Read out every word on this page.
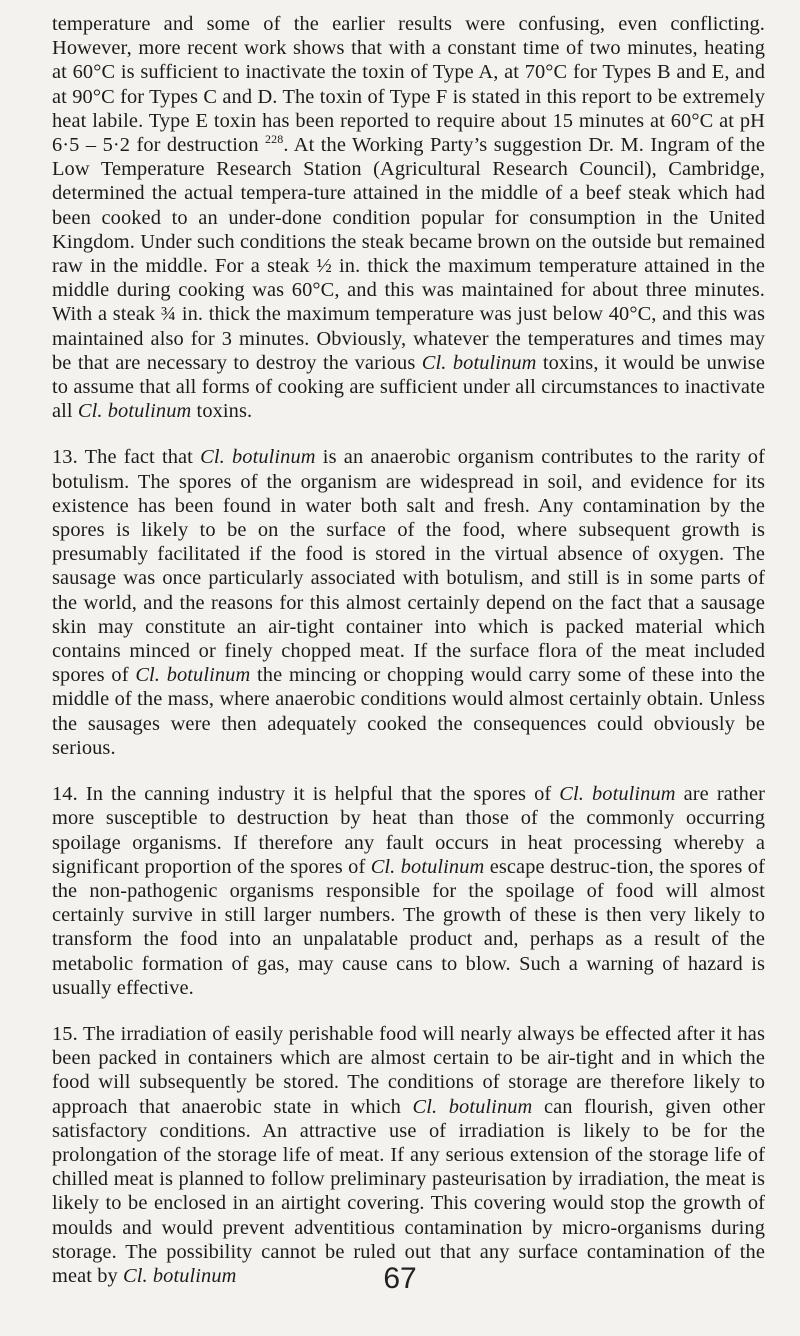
temperature and some of the earlier results were confusing, even conflicting. However, more recent work shows that with a constant time of two minutes, heating at 60°C is sufficient to inactivate the toxin of Type A, at 70°C for Types B and E, and at 90°C for Types C and D. The toxin of Type F is stated in this report to be extremely heat labile. Type E toxin has been reported to require about 15 minutes at 60°C at pH 6·5 – 5·2 for destruction $^{228}$. At the Working Party’s suggestion Dr. M. Ingram of the Low Temperature Research Station (Agricultural Research Council), Cambridge, determined the actual tempera-ture attained in the middle of a beef steak which had been cooked to an under-done condition popular for consumption in the United Kingdom. Under such conditions the steak became brown on the outside but remained raw in the middle. For a steak ½ in. thick the maximum temperature attained in the middle during cooking was 60°C, and this was maintained for about three minutes. With a steak ¾ in. thick the maximum temperature was just below 40°C, and this was maintained also for 3 minutes. Obviously, whatever the temperatures and times may be that are necessary to destroy the various Cl. botulinum toxins, it would be unwise to assume that all forms of cooking are sufficient under all circumstances to inactivate all Cl. botulinum toxins.

13. The fact that Cl. botulinum is an anaerobic organism contributes to the rarity of botulism. The spores of the organism are widespread in soil, and evidence for its existence has been found in water both salt and fresh. Any contamination by the spores is likely to be on the surface of the food, where subsequent growth is presumably facilitated if the food is stored in the virtual absence of oxygen. The sausage was once particularly associated with botulism, and still is in some parts of the world, and the reasons for this almost certainly depend on the fact that a sausage skin may constitute an air-tight container into which is packed material which contains minced or finely chopped meat. If the surface flora of the meat included spores of Cl. botulinum the mincing or chopping would carry some of these into the middle of the mass, where anaerobic conditions would almost certainly obtain. Unless the sausages were then adequately cooked the consequences could obviously be serious.

14. In the canning industry it is helpful that the spores of Cl. botulinum are rather more susceptible to destruction by heat than those of the commonly occurring spoilage organisms. If therefore any fault occurs in heat processing whereby a significant proportion of the spores of Cl. botulinum escape destruc-tion, the spores of the non-pathogenic organisms responsible for the spoilage of food will almost certainly survive in still larger numbers. The growth of these is then very likely to transform the food into an unpalatable product and, perhaps as a result of the metabolic formation of gas, may cause cans to blow. Such a warning of hazard is usually effective.

15. The irradiation of easily perishable food will nearly always be effected after it has been packed in containers which are almost certain to be air-tight and in which the food will subsequently be stored. The conditions of storage are therefore likely to approach that anaerobic state in which Cl. botulinum can flourish, given other satisfactory conditions. An attractive use of irradiation is likely to be for the prolongation of the storage life of meat. If any serious extension of the storage life of chilled meat is planned to follow preliminary pasteurisation by irradiation, the meat is likely to be enclosed in an airtight covering. This covering would stop the growth of moulds and would prevent adventitious contamination by micro-organisms during storage. The possibility cannot be ruled out that any surface contamination of the meat by Cl. botulinum	67
